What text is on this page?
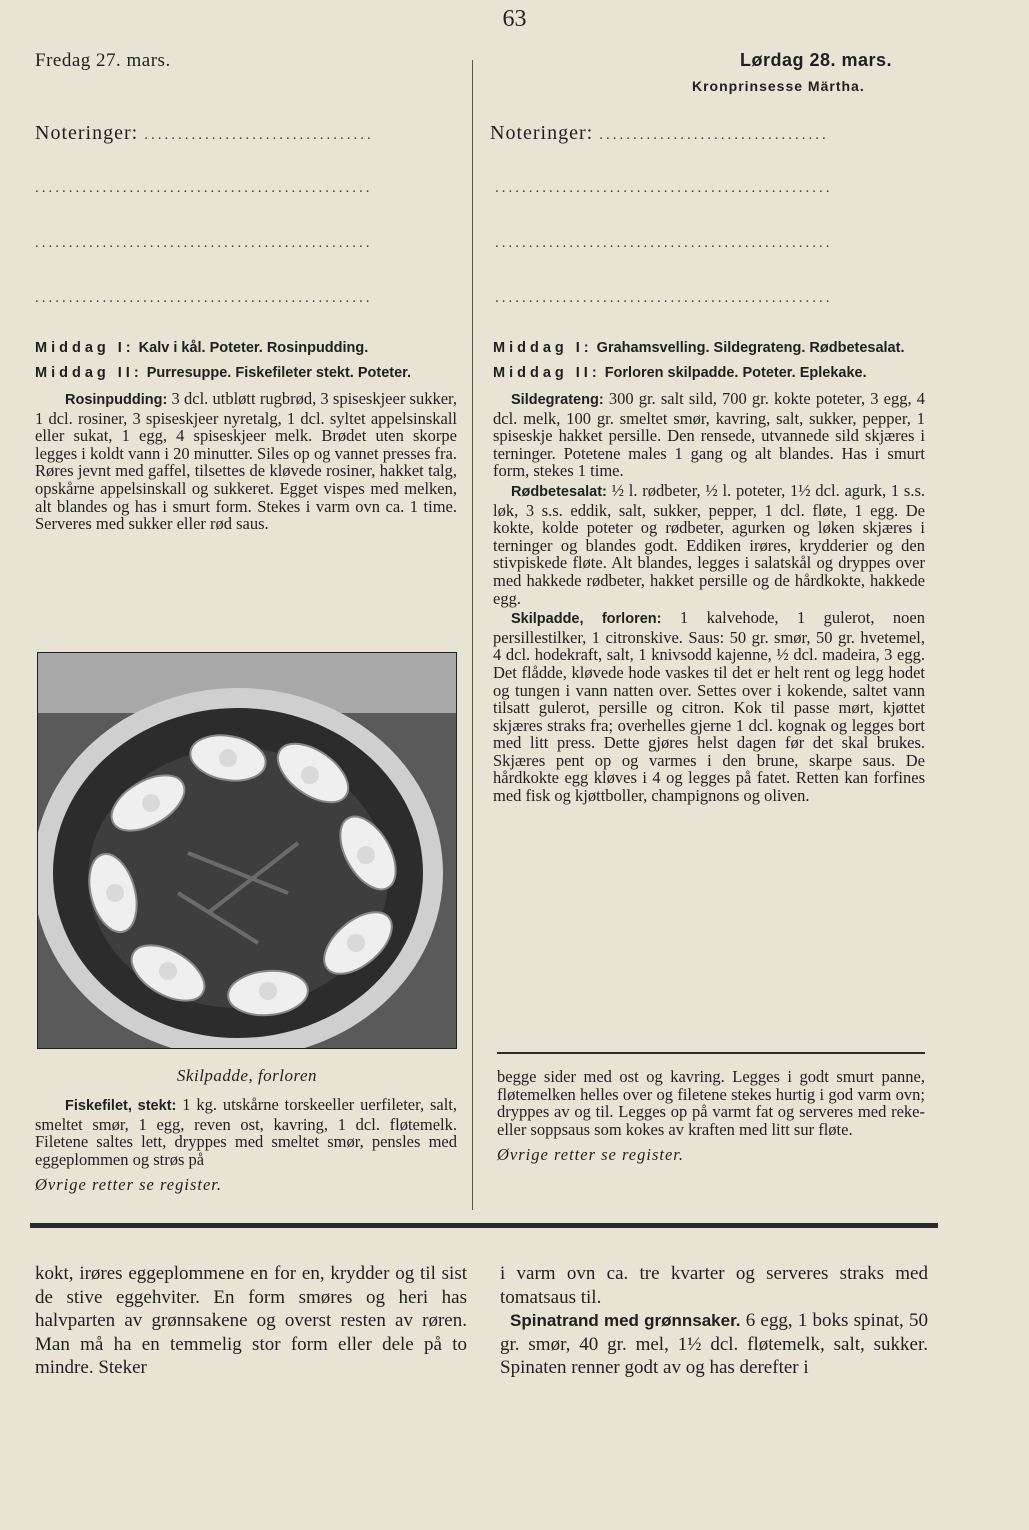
63
Fredag 27. mars.
Noteringer: ..................................
..................................................
..................................................
..................................................
Lørdag 28. mars.
Kronprinsesse Märtha.
Noteringer: ..................................
..................................................
..................................................
..................................................

Middag I: Kalv i kål. Poteter. Rosinpudding.

Middag II: Purresuppe. Fiskefileter stekt. Poteter.

Rosinpudding: 3 dcl. utbløtt rugbrød, 3 spiseskjeer sukker, 1 dcl. rosiner, 3 spiseskjeer nyretalg, 1 dcl. syltet appelsinskall eller sukat, 1 egg, 4 spiseskjeer melk. Brødet uten skorpe legges i koldt vann i 20 minutter. Siles op og vannet presses fra. Røres jevnt med gaffel, tilsettes de kløvede rosiner, hakket talg, opskårne appelsinskall og sukkeret. Egget vispes med melken, alt blandes og has i smurt form. Stekes i varm ovn ca. 1 time. Serveres med sukker eller rød saus.

Skilpadde, forloren

Fiskefilet, stekt: 1 kg. utskårne torskeeller uerfileter, salt, smeltet smør, 1 egg, reven ost, kavring, 1 dcl. fløtemelk. Filetene saltes lett, dryppes med smeltet smør, pensles med eggeplommen og strøs på

Øvrige retter se register.

Middag I: Grahamsvelling. Sildegrateng. Rødbetesalat.

Middag II: Forloren skilpadde. Poteter. Eplekake.

Sildegrateng: 300 gr. salt sild, 700 gr. kokte poteter, 3 egg, 4 dcl. melk, 100 gr. smeltet smør, kavring, salt, sukker, pepper, 1 spiseskje hakket persille. Den rensede, utvannede sild skjæres i terninger. Potetene males 1 gang og alt blandes. Has i smurt form, stekes 1 time.

Rødbetesalat: ½ l. rødbeter, ½ l. poteter, 1½ dcl. agurk, 1 s.s. løk, 3 s.s. eddik, salt, sukker, pepper, 1 dcl. fløte, 1 egg. De kokte, kolde poteter og rødbeter, agurken og løken skjæres i terninger og blandes godt. Eddiken irøres, krydderier og den stivpiskede fløte. Alt blandes, legges i salatskål og dryppes over med hakkede rødbeter, hakket persille og de hårdkokte, hakkede egg.

Skilpadde, forloren: 1 kalvehode, 1 gulerot, noen persillestilker, 1 citronskive. Saus: 50 gr. smør, 50 gr. hvetemel, 4 dcl. hodekraft, salt, 1 knivsodd kajenne, ½ dcl. madeira, 3 egg. Det flådde, kløvede hode vaskes til det er helt rent og legg hodet og tungen i vann natten over. Settes over i kokende, saltet vann tilsatt gulerot, persille og citron. Kok til passe mørt, kjøttet skjæres straks fra; overhelles gjerne 1 dcl. kognak og legges bort med litt press. Dette gjøres helst dagen før det skal brukes. Skjæres pent op og varmes i den brune, skarpe saus. De hårdkokte egg kløves i 4 og legges på fatet. Retten kan forfines med fisk og kjøttboller, champignons og oliven.

begge sider med ost og kavring. Legges i godt smurt panne, fløtemelken helles over og filetene stekes hurtig i god varm ovn; dryppes av og til. Legges op på varmt fat og serveres med reke- eller soppsaus som kokes av kraften med litt sur fløte.

Øvrige retter se register.

kokt, irøres eggeplommene en for en, krydder og til sist de stive eggehviter. En form smøres og heri has halvparten av grønnsakene og overst resten av røren. Man må ha en temmelig stor form eller dele på to mindre. Steker

i varm ovn ca. tre kvarter og serveres straks med tomatsaus til.

Spinatrand med grønnsaker. 6 egg, 1 boks spinat, 50 gr. smør, 40 gr. mel, 1½ dcl. fløtemelk, salt, sukker. Spinaten renner godt av og has derefter i
